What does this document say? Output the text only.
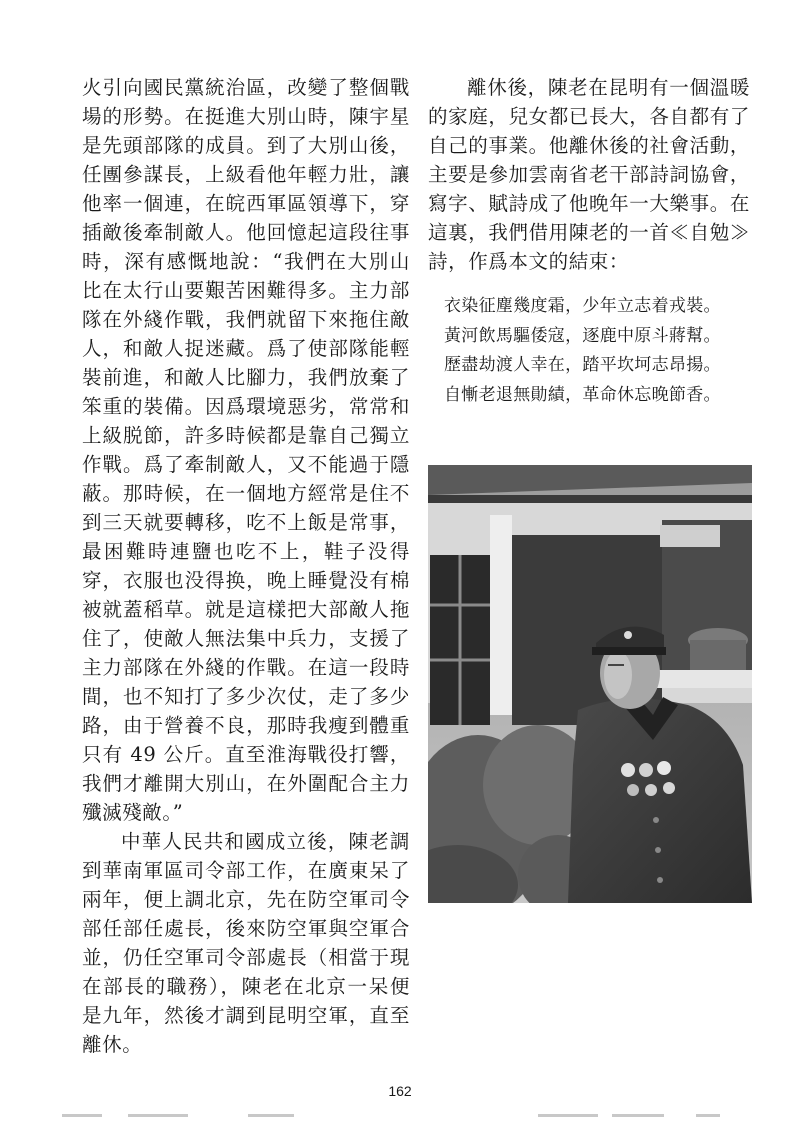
火引向國民黨統治區，改變了整個戰場的形勢。在挺進大別山時，陳宇星是先頭部隊的成員。到了大別山後，任團參謀長，上級看他年輕力壯，讓他率一個連，在皖西軍區領導下，穿插敵後牽制敵人。他回憶起這段往事時，深有感慨地說：“我們在大別山比在太行山要艱苦困難得多。主力部隊在外綫作戰，我們就留下來拖住敵人，和敵人捉迷藏。爲了使部隊能輕裝前進，和敵人比腳力，我們放棄了笨重的裝備。因爲環境惡劣，常常和上級脱節，許多時候都是靠自己獨立作戰。爲了牽制敵人，又不能過于隱蔽。那時候，在一個地方經常是住不到三天就要轉移，吃不上飯是常事，最困難時連鹽也吃不上，鞋子没得穿，衣服也没得换，晚上睡覺没有棉被就蓋稻草。就是這樣把大部敵人拖住了，使敵人無法集中兵力，支援了主力部隊在外綫的作戰。在這一段時間，也不知打了多少次仗，走了多少路，由于營養不良，那時我瘦到體重只有 49 公斤。直至淮海戰役打響，我們才離開大別山，在外圍配合主力殲滅殘敵。”

中華人民共和國成立後，陳老調到華南軍區司令部工作，在廣東呆了兩年，便上調北京，先在防空軍司令部任部任處長，後來防空軍與空軍合並，仍任空軍司令部處長（相當于現在部長的職務），陳老在北京一呆便是九年，然後才調到昆明空軍，直至離休。

離休後，陳老在昆明有一個溫暖的家庭，兒女都已長大，各自都有了自己的事業。他離休後的社會活動，主要是參加雲南省老干部詩詞協會，寫字、賦詩成了他晚年一大樂事。在這裏，我們借用陳老的一首≪自勉≫詩，作爲本文的結束：

衣染征塵幾度霜，少年立志着戎裝。
黃河飲馬驅倭寇，逐鹿中原斗蔣幫。
歷盡劫渡人幸在，踏平坎坷志昂揚。
自慚老退無勛績，革命休忘晚節香。
162
